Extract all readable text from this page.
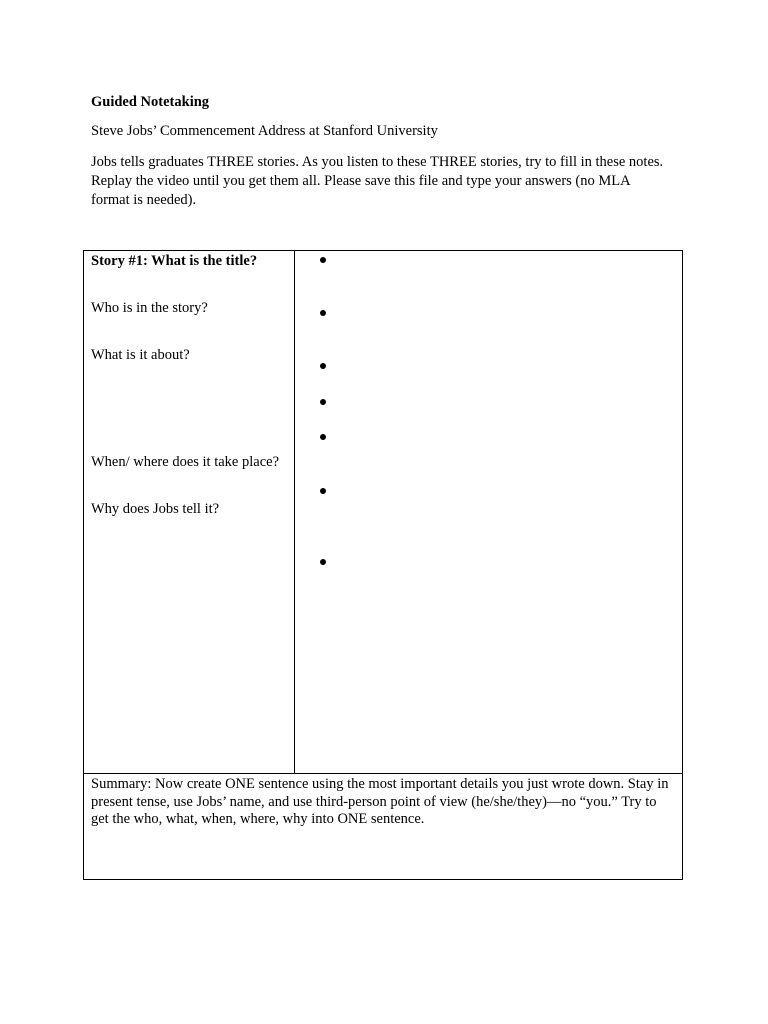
Guided Notetaking
Steve Jobs’ Commencement Address at Stanford University
Jobs tells graduates THREE stories. As you listen to these THREE stories, try to fill in these notes. Replay the video until you get them all. Please save this file and type your answers (no MLA format is needed).
Story #1: What is the title?
Who is in the story?
What is it about?
When/ where does it take place?
Why does Jobs tell it?
Summary: Now create ONE sentence using the most important details you just wrote down. Stay in present tense, use Jobs’ name, and use third-person point of view (he/she/they)—no “you.” Try to get the who, what, when, where, why into ONE sentence.
